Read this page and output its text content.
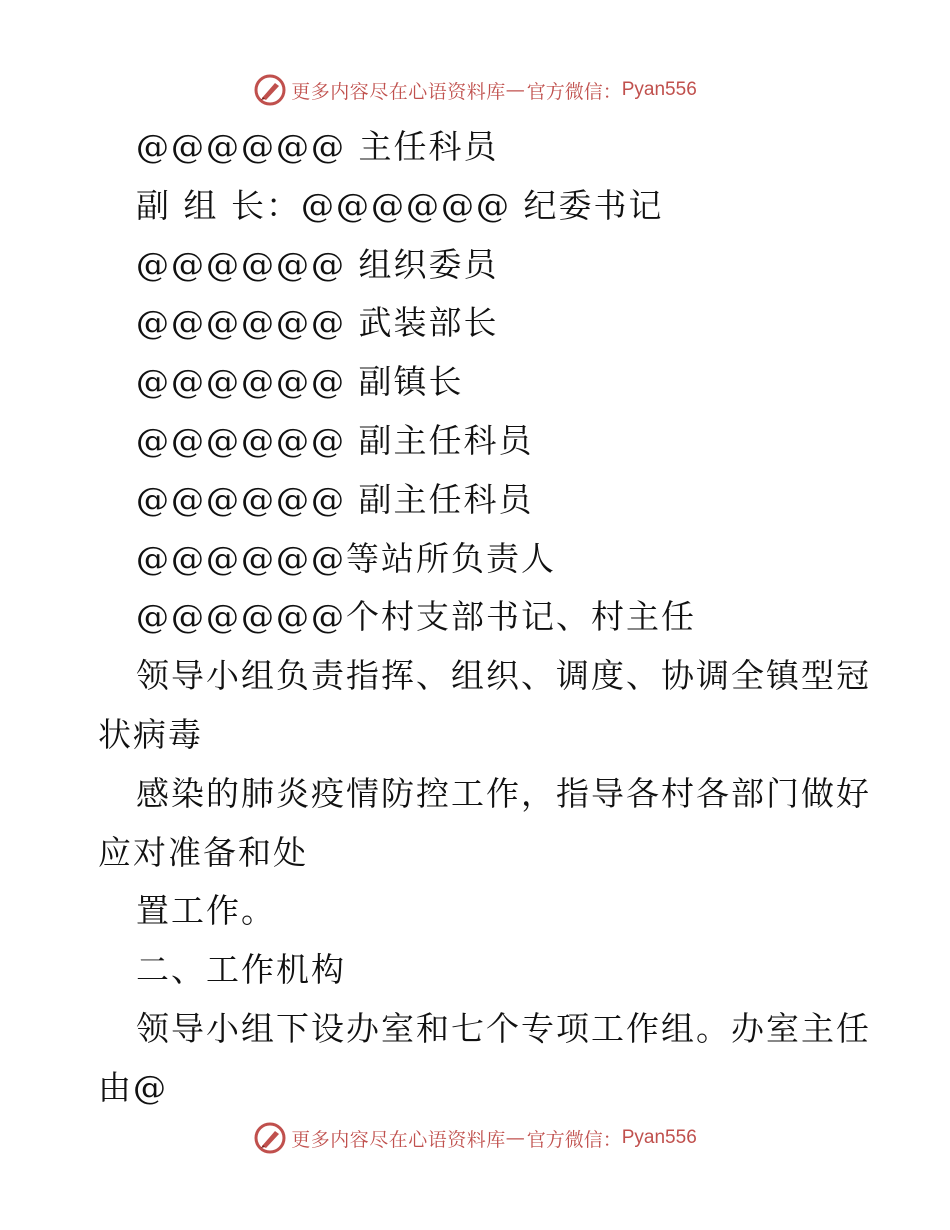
更多内容尽在心语资料库 — 官方微信： Pyan556
@@@@@@ 主任科员
副 组 长：@@@@@@ 纪委书记
@@@@@@ 组织委员
@@@@@@ 武装部长
@@@@@@ 副镇长
@@@@@@ 副主任科员
@@@@@@ 副主任科员
@@@@@@等站所负责人
@@@@@@个村支部书记、村主任
领导小组负责指挥、组织、调度、协调全镇型冠
状病毒
感染的肺炎疫情防控工作，指导各村各部门做好
应对准备和处
置工作。
二、工作机构
领导小组下设办室和七个专项工作组。办室主任
由@
更多内容尽在心语资料库 — 官方微信： Pyan556
